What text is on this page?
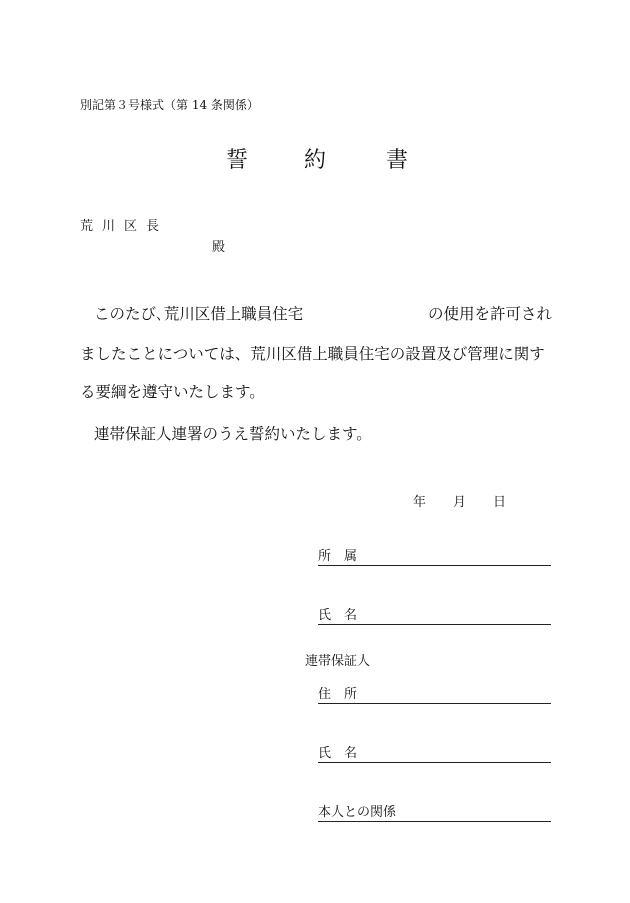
別記第３号様式（第 14 条関係）
誓	約	書
荒川区長
殿
このたび､荒川区借上職員住宅	の使用を許可され
ましたことについては、荒川区借上職員住宅の設置及び管理に関す
る要綱を遵守いたします。
連帯保証人連署のうえ誓約いたします。
年 月 日
所　属
氏　名
連帯保証人
住　所
氏　名
本人との関係
